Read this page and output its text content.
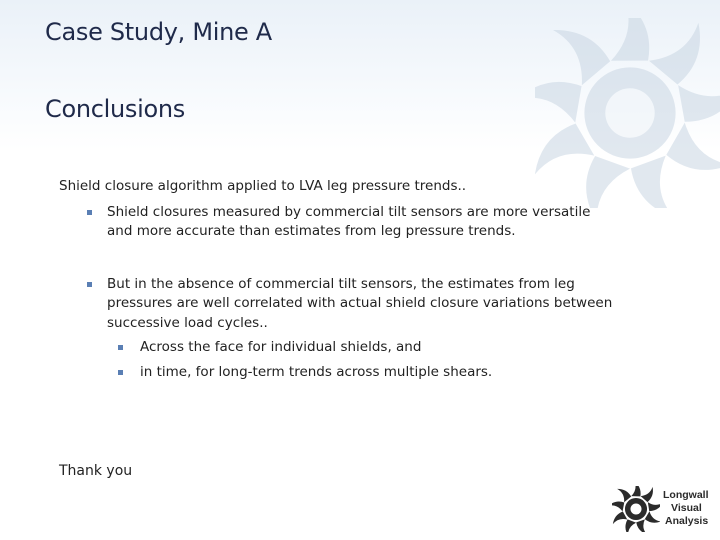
Case Study, Mine A
Conclusions

Shield closure algorithm applied to LVA leg pressure trends..

Shield closures measured by commercial tilt sensors are more versatile and more accurate than estimates from leg pressure trends.
But in the absence of commercial tilt sensors, the estimates from leg pressures are well correlated with actual shield closure variations between successive load cycles..
Across the face for individual shields, and
in time, for long-term trends across multiple shears.
Thank you
Longwall
Visual
Analysis
